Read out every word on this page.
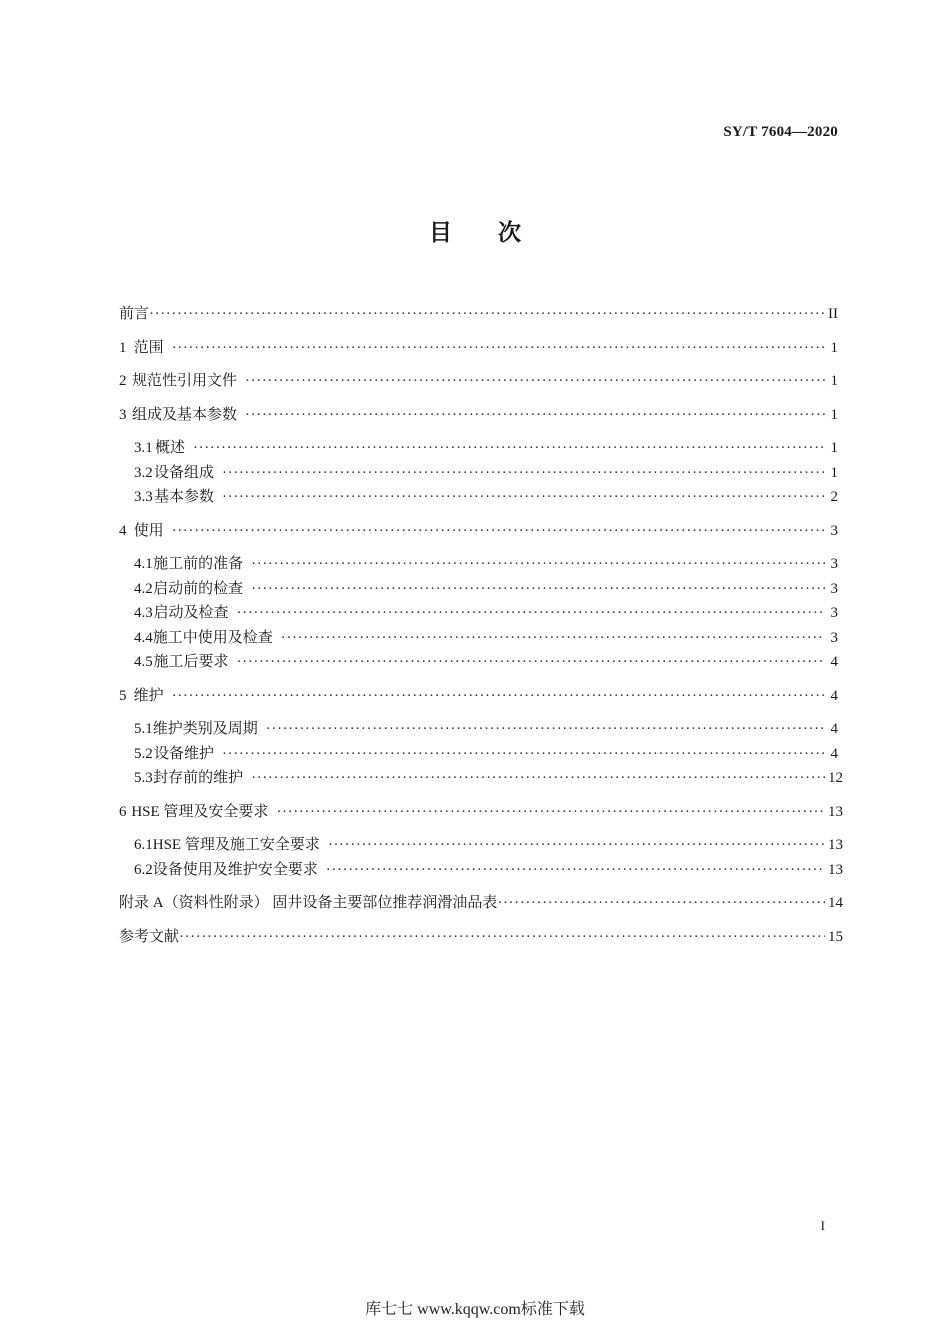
SY/T 7604—2020
目次
前言 ·····	II
1 范围 ·····	1
2 规范性引用文件 ·····	1
3 组成及基本参数 ·····	1
3.1 概述 ·····	1
3.2 设备组成 ·····	1
3.3 基本参数 ·····	2
4 使用 ·····	3
4.1 施工前的准备 ·····	3
4.2 启动前的检查 ·····	3
4.3 启动及检查 ·····	3
4.4 施工中使用及检查 ·····	3
4.5 施工后要求 ·····	4
5 维护 ·····	4
5.1 维护类别及周期 ·····	4
5.2 设备维护 ·····	4
5.3 封存前的维护 ·····	12
6 HSE 管理及安全要求 ·····	13
6.1 HSE 管理及施工安全要求 ·····	13
6.2 设备使用及维护安全要求 ·····	13
附录 A（资料性附录） 固井设备主要部位推荐润滑油品表 ·····	14
参考文献 ·····	15
I
库七七 www.kqqw.com标准下载
